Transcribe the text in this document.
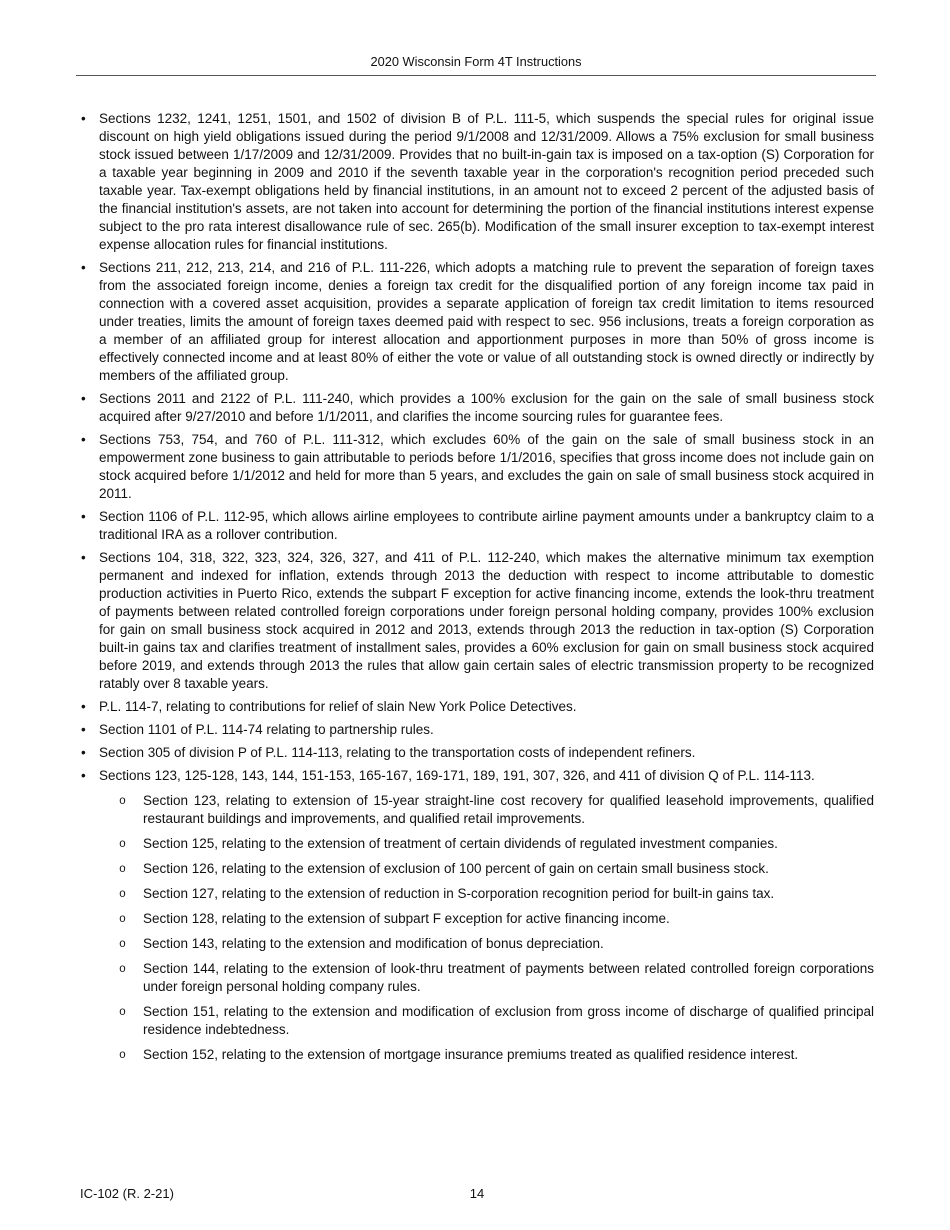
2020 Wisconsin Form 4T Instructions
• Sections 1232, 1241, 1251, 1501, and 1502 of division B of P.L. 111-5, which suspends the special rules for original issue discount on high yield obligations issued during the period 9/1/2008 and 12/31/2009. Allows a 75% exclusion for small business stock issued between 1/17/2009 and 12/31/2009. Provides that no built-in-gain tax is imposed on a tax-option (S) Corporation for a taxable year beginning in 2009 and 2010 if the seventh taxable year in the corporation's recognition period preceded such taxable year. Tax-exempt obligations held by financial institutions, in an amount not to exceed 2 percent of the adjusted basis of the financial institution's assets, are not taken into account for determining the portion of the financial institutions interest expense subject to the pro rata interest disallowance rule of sec. 265(b). Modification of the small insurer exception to tax-exempt interest expense allocation rules for financial institutions.
• Sections 211, 212, 213, 214, and 216 of P.L. 111-226, which adopts a matching rule to prevent the separation of foreign taxes from the associated foreign income, denies a foreign tax credit for the disqualified portion of any foreign income tax paid in connection with a covered asset acquisition, provides a separate application of foreign tax credit limitation to items resourced under treaties, limits the amount of foreign taxes deemed paid with respect to sec. 956 inclusions, treats a foreign corporation as a member of an affiliated group for interest allocation and apportionment purposes in more than 50% of gross income is effectively connected income and at least 80% of either the vote or value of all outstanding stock is owned directly or indirectly by members of the affiliated group.
• Sections 2011 and 2122 of P.L. 111-240, which provides a 100% exclusion for the gain on the sale of small business stock acquired after 9/27/2010 and before 1/1/2011, and clarifies the income sourcing rules for guarantee fees.
• Sections 753, 754, and 760 of P.L. 111-312, which excludes 60% of the gain on the sale of small business stock in an empowerment zone business to gain attributable to periods before 1/1/2016, specifies that gross income does not include gain on stock acquired before 1/1/2012 and held for more than 5 years, and excludes the gain on sale of small business stock acquired in 2011.
• Section 1106 of P.L. 112-95, which allows airline employees to contribute airline payment amounts under a bankruptcy claim to a traditional IRA as a rollover contribution.
• Sections 104, 318, 322, 323, 324, 326, 327, and 411 of P.L. 112-240, which makes the alternative minimum tax exemption permanent and indexed for inflation, extends through 2013 the deduction with respect to income attributable to domestic production activities in Puerto Rico, extends the subpart F exception for active financing income, extends the look-thru treatment of payments between related controlled foreign corporations under foreign personal holding company, provides 100% exclusion for gain on small business stock acquired in 2012 and 2013, extends through 2013 the reduction in tax-option (S) Corporation built-in gains tax and clarifies treatment of installment sales, provides a 60% exclusion for gain on small business stock acquired before 2019, and extends through 2013 the rules that allow gain certain sales of electric transmission property to be recognized ratably over 8 taxable years.
• P.L. 114-7, relating to contributions for relief of slain New York Police Detectives.
• Section 1101 of P.L. 114-74 relating to partnership rules.
• Section 305 of division P of P.L. 114-113, relating to the transportation costs of independent refiners.
• Sections 123, 125-128, 143, 144, 151-153, 165-167, 169-171, 189, 191, 307, 326, and 411 of division Q of P.L. 114-113.
o Section 123, relating to extension of 15-year straight-line cost recovery for qualified leasehold improvements, qualified restaurant buildings and improvements, and qualified retail improvements.
o Section 125, relating to the extension of treatment of certain dividends of regulated investment companies.
o Section 126, relating to the extension of exclusion of 100 percent of gain on certain small business stock.
o Section 127, relating to the extension of reduction in S-corporation recognition period for built-in gains tax.
o Section 128, relating to the extension of subpart F exception for active financing income.
o Section 143, relating to the extension and modification of bonus depreciation.
o Section 144, relating to the extension of look-thru treatment of payments between related controlled foreign corporations under foreign personal holding company rules.
o Section 151, relating to the extension and modification of exclusion from gross income of discharge of qualified principal residence indebtedness.
o Section 152, relating to the extension of mortgage insurance premiums treated as qualified residence interest.
IC-102 (R. 2-21)	14
